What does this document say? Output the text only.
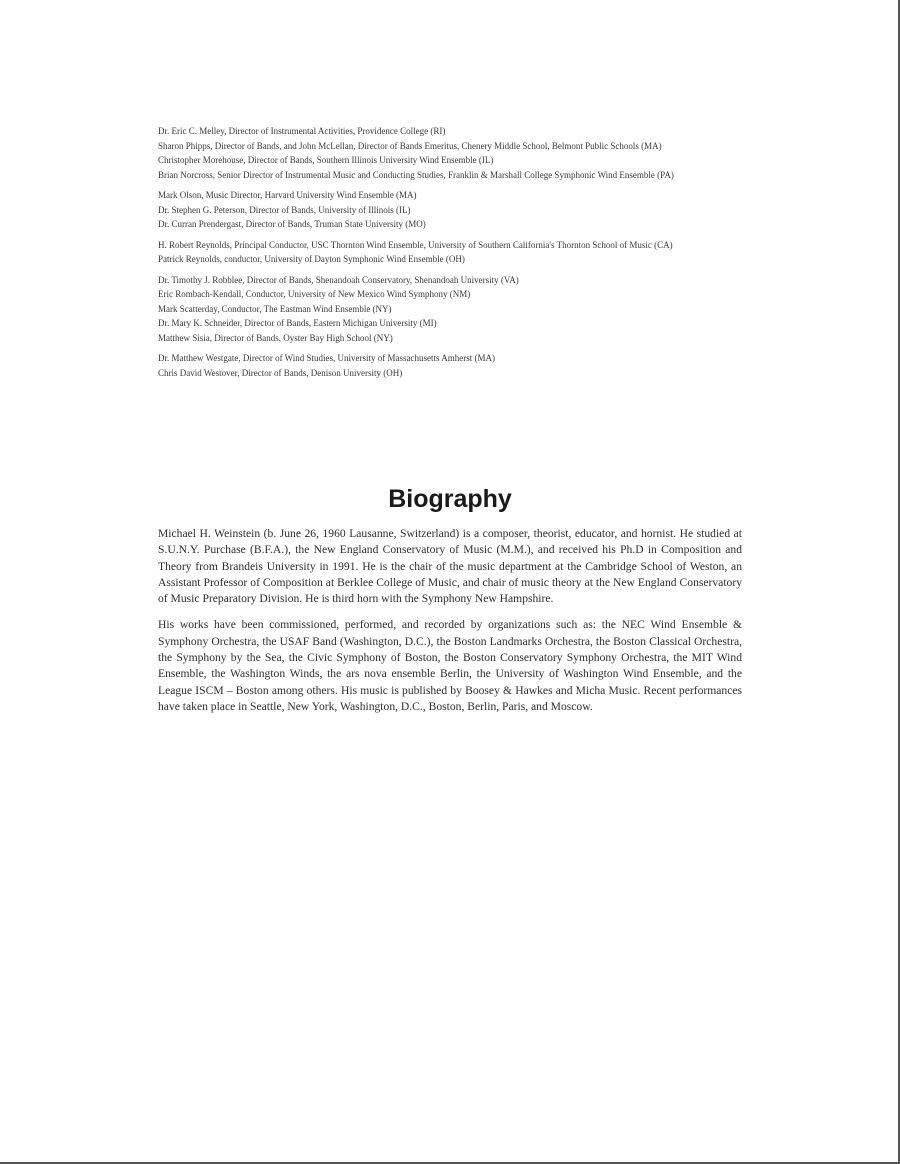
Dr. Eric C. Melley, Director of Instrumental Activities, Providence College (RI)
Sharon Phipps, Director of Bands, and John McLellan, Director of Bands Emeritus, Chenery Middle School, Belmont Public Schools (MA)
Christopher Morehouse, Director of Bands, Southern Illinois University Wind Ensemble (IL)
Brian Norcross, Senior Director of Instrumental Music and Conducting Studies, Franklin & Marshall College Symphonic Wind Ensemble (PA)
Mark Olson, Music Director, Harvard University Wind Ensemble (MA)
Dr. Stephen G. Peterson, Director of Bands, University of Illinois (IL)
Dr. Curran Prendergast, Director of Bands, Truman State University (MO)
H. Robert Reynolds, Principal Conductor, USC Thornton Wind Ensemble, University of Southern California's Thornton School of Music (CA)
Patrick Reynolds, conductor, University of Dayton Symphonic Wind Ensemble (OH)
Dr. Timothy J. Robblee, Director of Bands, Shenandoah Conservatory, Shenandoah University (VA)
Eric Rombach-Kendall, Conductor, University of New Mexico Wind Symphony (NM)
Mark Scatterday, Conductor, The Eastman Wind Ensemble (NY)
Dr. Mary K. Schneider, Director of Bands, Eastern Michigan University (MI)
Matthew Sisia, Director of Bands, Oyster Bay High School (NY)
Dr. Matthew Westgate, Director of Wind Studies, University of Massachusetts Amherst (MA)
Chris David Westover, Director of Bands, Denison University (OH)
Biography

Michael H. Weinstein (b. June 26, 1960 Lausanne, Switzerland) is a composer, theorist, educator, and hornist. He studied at S.U.N.Y. Purchase (B.F.A.), the New England Conservatory of Music (M.M.), and received his Ph.D in Composition and Theory from Brandeis University in 1991. He is the chair of the music department at the Cambridge School of Weston, an Assistant Professor of Composition at Berklee College of Music, and chair of music theory at the New England Conservatory of Music Preparatory Division. He is third horn with the Symphony New Hampshire.

His works have been commissioned, performed, and recorded by organizations such as: the NEC Wind Ensemble & Symphony Orchestra, the USAF Band (Washington, D.C.), the Boston Landmarks Orchestra, the Boston Classical Orchestra, the Symphony by the Sea, the Civic Symphony of Boston, the Boston Conservatory Symphony Orchestra, the MIT Wind Ensemble, the Washington Winds, the ars nova ensemble Berlin, the University of Washington Wind Ensemble, and the League ISCM – Boston among others. His music is published by Boosey & Hawkes and Micha Music. Recent performances have taken place in Seattle, New York, Washington, D.C., Boston, Berlin, Paris, and Moscow.
